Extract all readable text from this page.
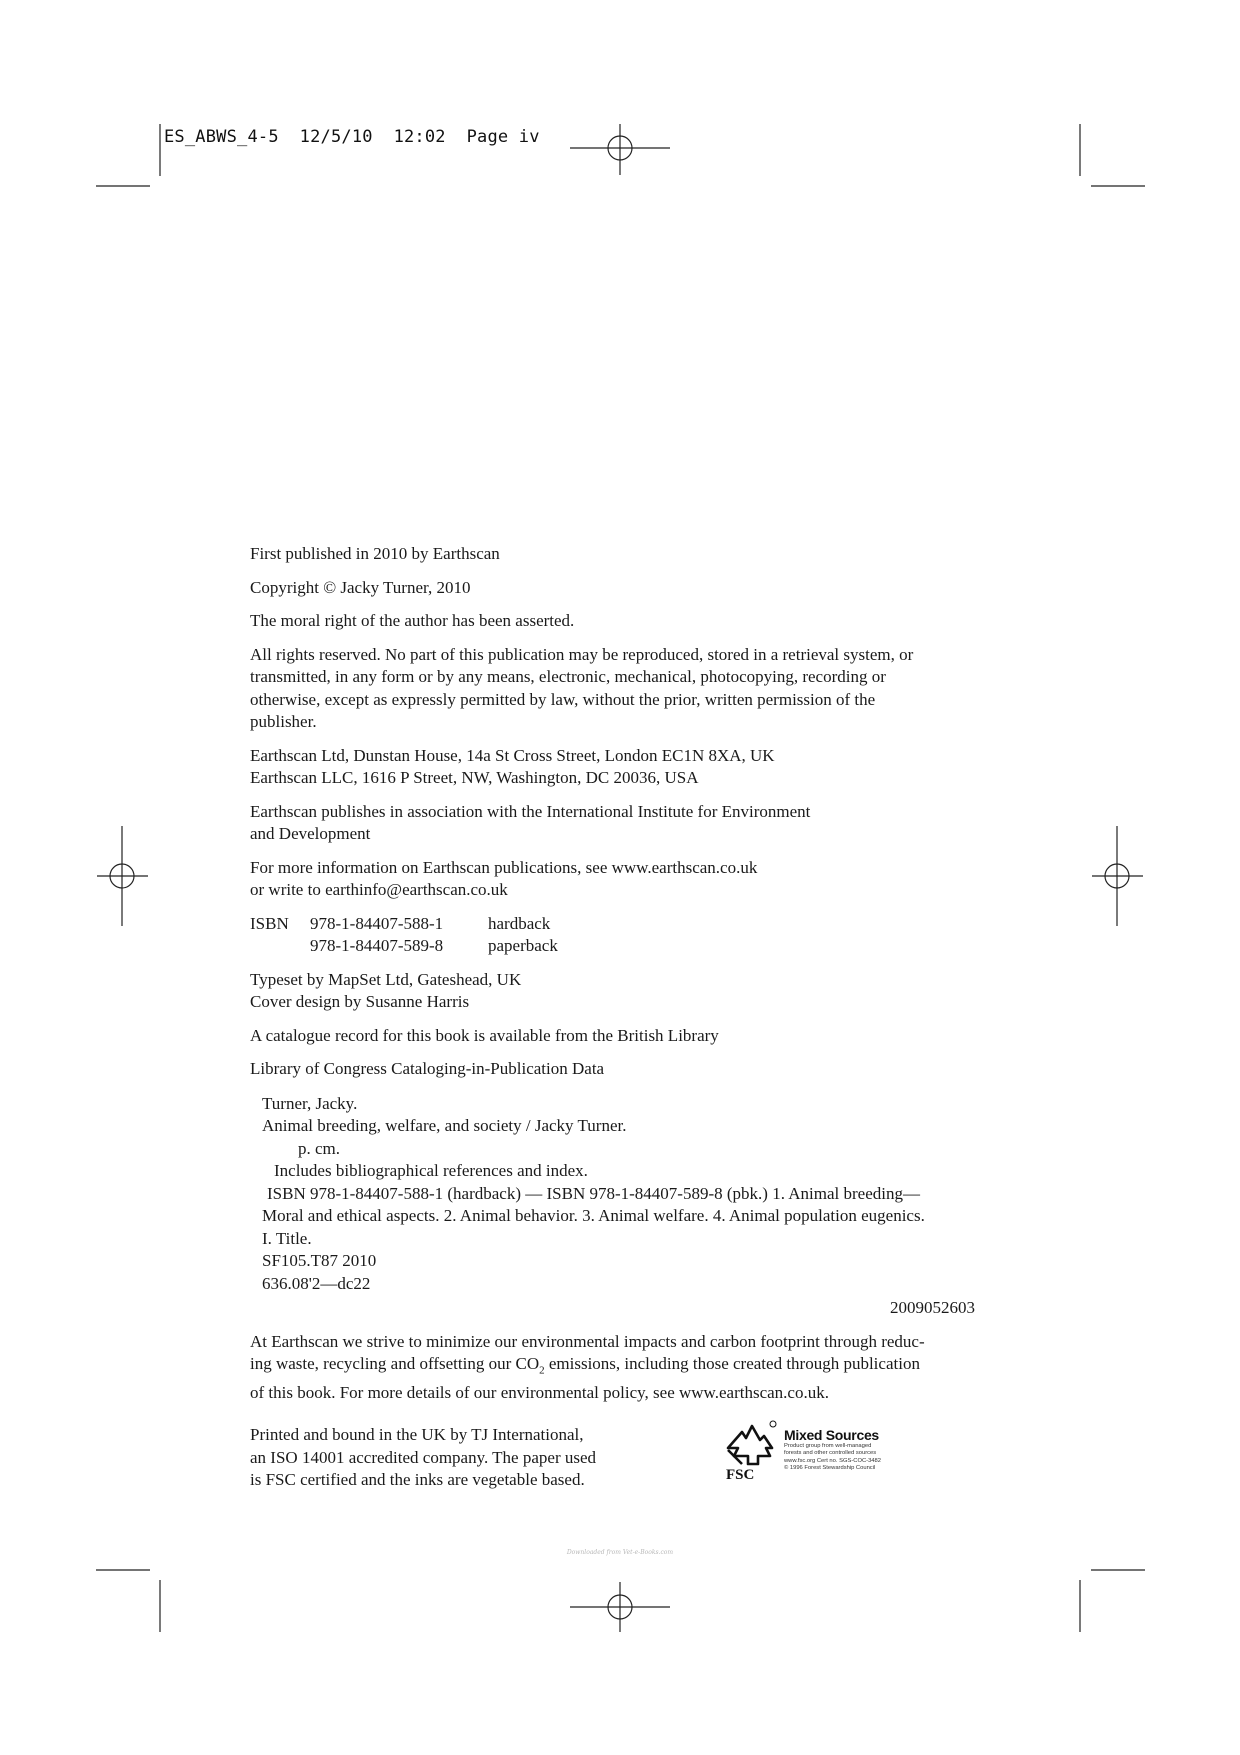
ES_ABWS_4-5  12/5/10  12:02  Page iv

First published in 2010 by Earthscan

Copyright © Jacky Turner, 2010

The moral right of the author has been asserted.

All rights reserved. No part of this publication may be reproduced, stored in a retrieval system, or
transmitted, in any form or by any means, electronic, mechanical, photocopying, recording or
otherwise, except as expressly permitted by law, without the prior, written permission of the
publisher.

Earthscan Ltd, Dunstan House, 14a St Cross Street, London EC1N 8XA, UK
Earthscan LLC, 1616 P Street, NW, Washington, DC 20036, USA

Earthscan publishes in association with the International Institute for Environment
and Development

For more information on Earthscan publications, see www.earthscan.co.uk
or write to earthinfo@earthscan.co.uk

ISBN	978-1-84407-588-1	hardback
978-1-84407-589-8	paperback

Typeset by MapSet Ltd, Gateshead, UK
Cover design by Susanne Harris

A catalogue record for this book is available from the British Library

Library of Congress Cataloging-in-Publication Data

Turner, Jacky.
Animal breeding, welfare, and society / Jacky Turner.
p. cm.
Includes bibliographical references and index.
ISBN 978-1-84407-588-1 (hardback) — ISBN 978-1-84407-589-8 (pbk.) 1. Animal breeding—
Moral and ethical aspects. 2. Animal behavior. 3. Animal welfare. 4. Animal population eugenics.
I. Title.
SF105.T87 2010
636.08'2—dc22
2009052603

At Earthscan we strive to minimize our environmental impacts and carbon footprint through reduc-
ing waste, recycling and offsetting our $CO_2$ emissions, including those created through publication
of this book. For more details of our environmental policy, see www.earthscan.co.uk.

Printed and bound in the UK by TJ International,
an ISO 14001 accredited company. The paper used
is FSC certified and the inks are vegetable based.	FSC
Mixed Sources
Product group from well-managed
forests and other controlled sources
www.fsc.org Cert no. SGS-COC-3482
© 1996 Forest Stewardship Council
Downloaded from Vet-e-Books.com
